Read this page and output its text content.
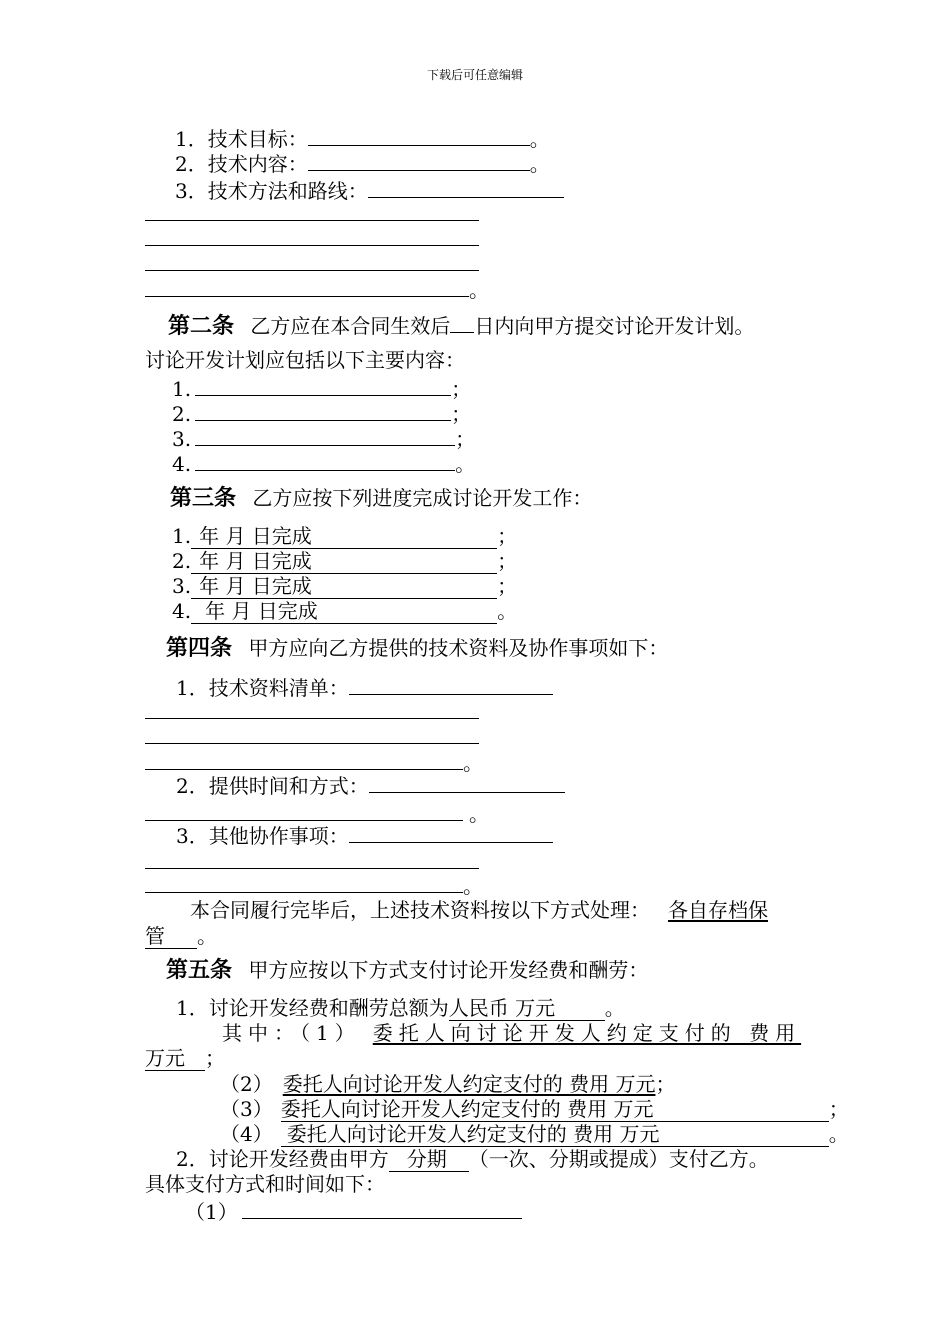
下载后可任意编辑
1．技术目标：	。
2．技术内容：	。
3．技术方法和路线：
。
第二条 乙方应在本合同生效后 日内向甲方提交讨论开发计划。
讨论开发计划应包括以下主要内容：
1.	；
2.	；
3.	；
4.	。
第三条 乙方应按下列进度完成讨论开发工作：
1. 年 月 日完成	；
2. 年 月 日完成	；
3. 年 月 日完成	；
4. 年 月 日完成	。
第四条 甲方应向乙方提供的技术资料及协作事项如下：
1．技术资料清单：
。
2．提供时间和方式：
。
3．其他协作事项：
。
本合同履行完毕后，上述技术资料按以下方式处理： 各自存档保
管 。
第五条 甲方应按以下方式支付讨论开发经费和酬劳：
1．讨论开发经费和酬劳总额为人民币 万元 。
其中：（1） 委托人向讨论开发人约定支付的 费用
万元 ；
（2） 委托人向讨论开发人约定支付的 费用 万元；
（3） 委托人向讨论开发人约定支付的 费用 万元	；
（4） 委托人向讨论开发人约定支付的 费用 万元	。
2．讨论开发经费由甲方 分期 （一次、分期或提成）支付乙方。
具体支付方式和时间如下：
（1）
